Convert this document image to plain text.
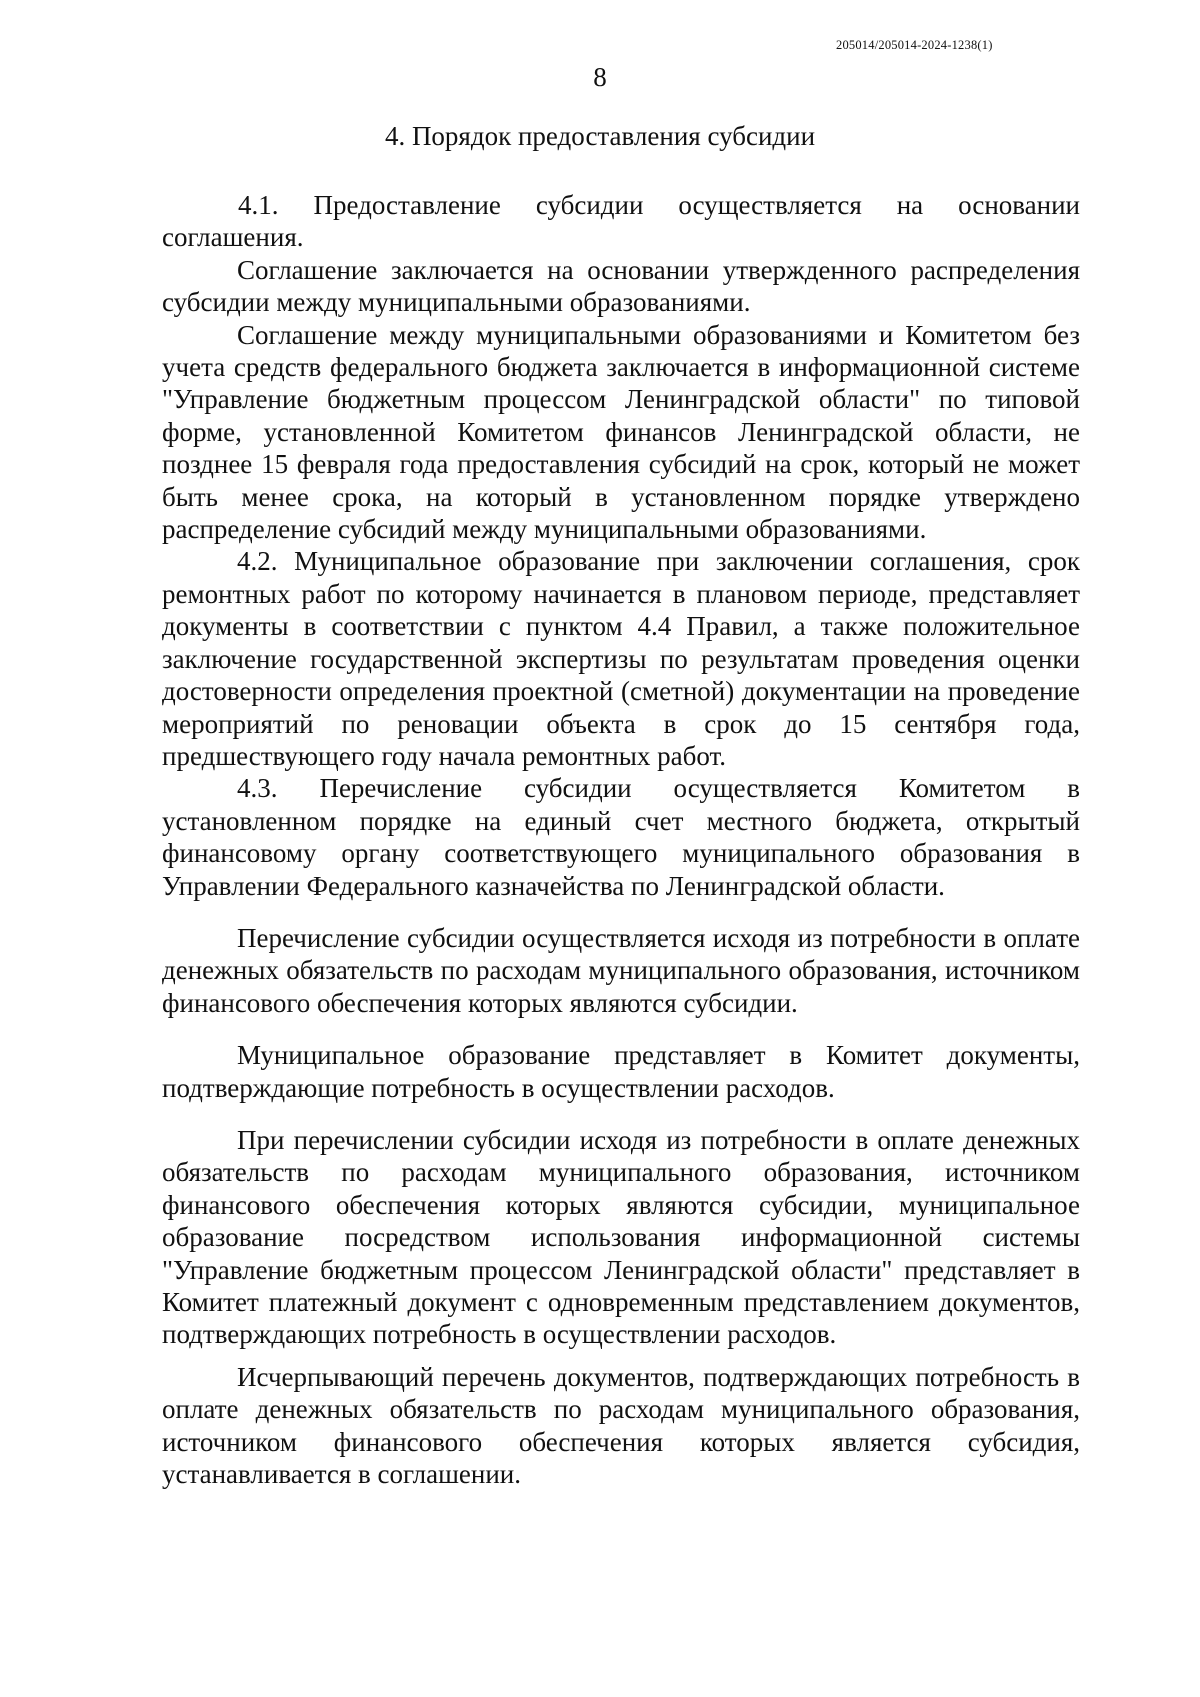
205014/205014-2024-1238(1)
8
4. Порядок предоставления субсидии

4.1. Предоставление субсидии осуществляется на основании соглашения.

Соглашение заключается на основании утвержденного распределения субсидии между муниципальными образованиями.

Соглашение между муниципальными образованиями и Комитетом без учета средств федерального бюджета заключается в информационной системе "Управление бюджетным процессом Ленинградской области" по типовой форме, установленной Комитетом финансов Ленинградской области, не позднее 15 февраля года предоставления субсидий на срок, который не может быть менее срока, на который в установленном порядке утверждено распределение субсидий между муниципальными образованиями.

4.2. Муниципальное образование при заключении соглашения, срок ремонтных работ по которому начинается в плановом периоде, представляет документы в соответствии с пунктом 4.4 Правил, а также положительное заключение государственной экспертизы по результатам проведения оценки достоверности определения проектной (сметной) документации на проведение мероприятий по реновации объекта в срок до 15 сентября года, предшествующего году начала ремонтных работ.

4.3. Перечисление субсидии осуществляется Комитетом в установленном порядке на единый счет местного бюджета, открытый финансовому органу соответствующего муниципального образования в Управлении Федерального казначейства по Ленинградской области.

Перечисление субсидии осуществляется исходя из потребности в оплате денежных обязательств по расходам муниципального образования, источником финансового обеспечения которых являются субсидии.

Муниципальное образование представляет в Комитет документы, подтверждающие потребность в осуществлении расходов.

При перечислении субсидии исходя из потребности в оплате денежных обязательств по расходам муниципального образования, источником финансового обеспечения которых являются субсидии, муниципальное образование посредством использования информационной системы "Управление бюджетным процессом Ленинградской области" представляет в Комитет платежный документ с одновременным представлением документов, подтверждающих потребность в осуществлении расходов.

Исчерпывающий перечень документов, подтверждающих потребность в оплате денежных обязательств по расходам муниципального образования, источником финансового обеспечения которых является субсидия, устанавливается в соглашении.
